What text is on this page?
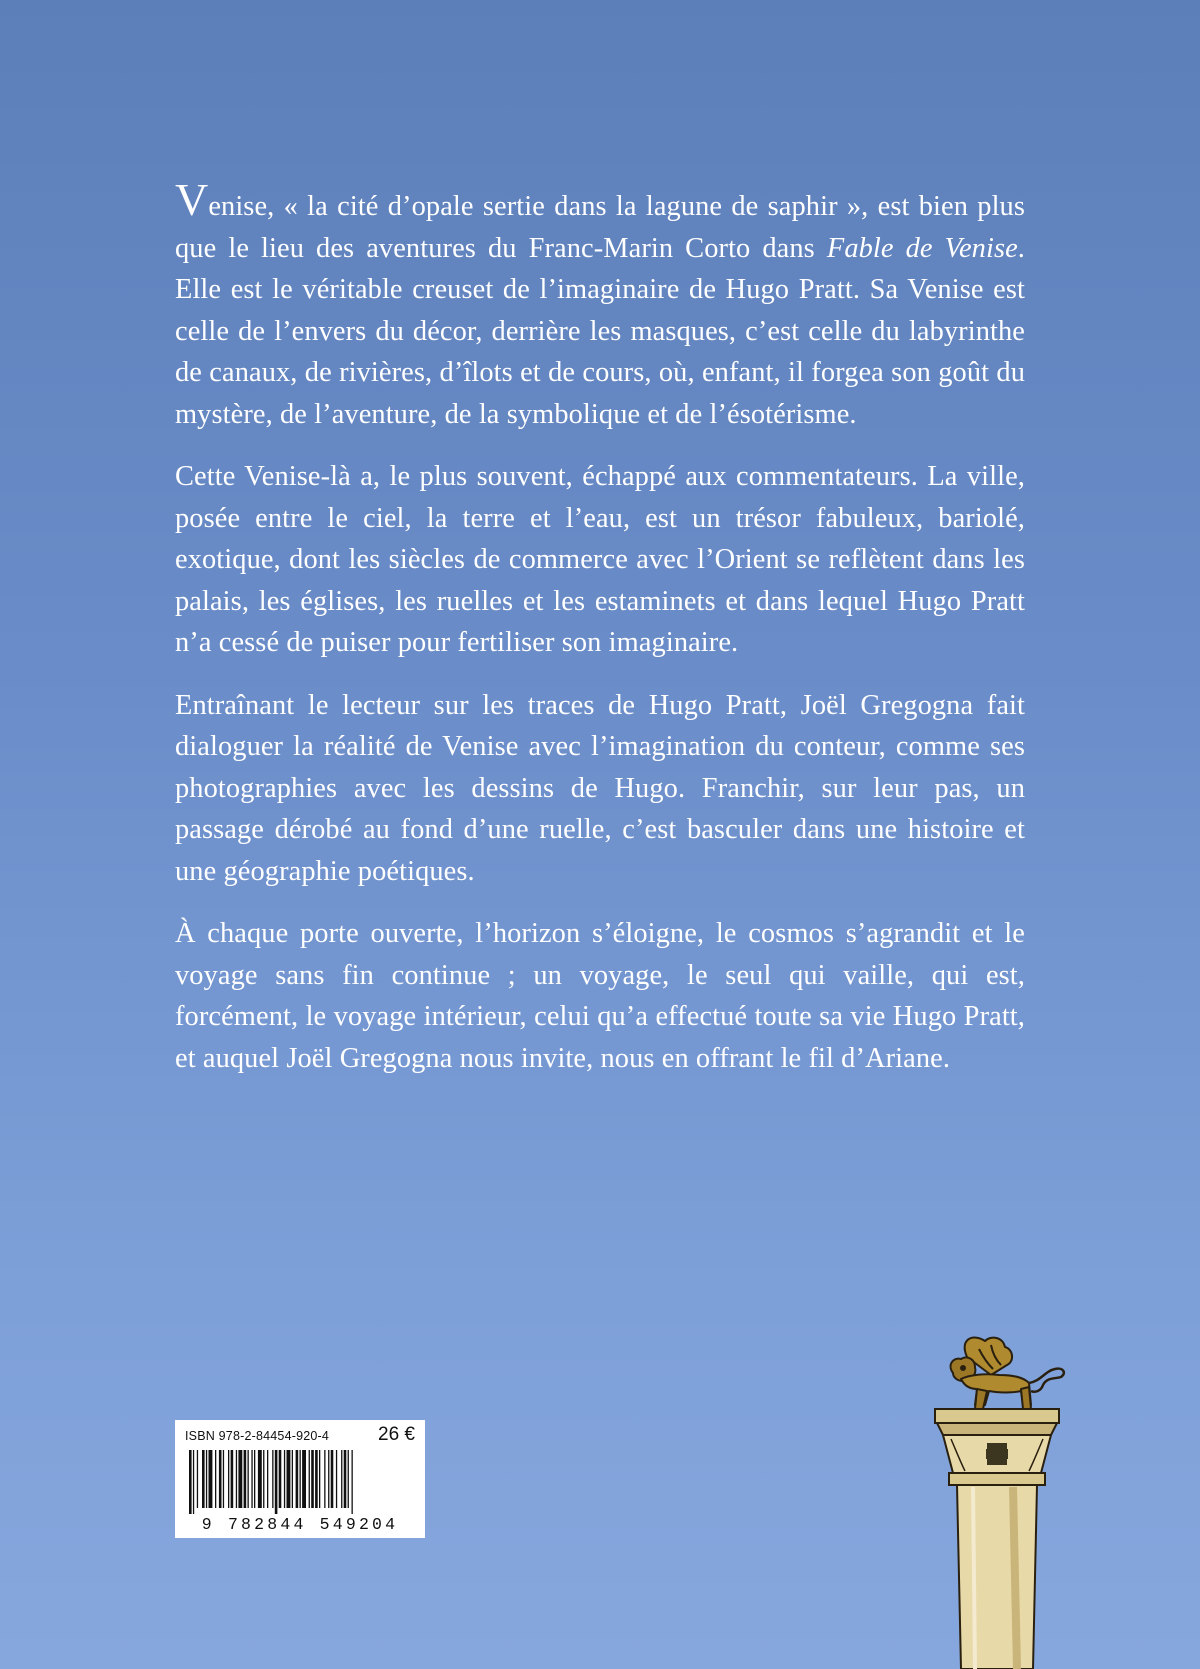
Venise, « la cité d’opale sertie dans la lagune de saphir », est bien plus que le lieu des aventures du Franc-Marin Corto dans Fable de Venise. Elle est le véritable creuset de l’imaginaire de Hugo Pratt. Sa Venise est celle de l’envers du décor, derrière les masques, c’est celle du labyrinthe de canaux, de rivières, d’îlots et de cours, où, enfant, il forgea son goût du mystère, de l’aventure, de la symbolique et de l’ésotérisme.

Cette Venise-là a, le plus souvent, échappé aux commentateurs. La ville, posée entre le ciel, la terre et l’eau, est un trésor fabuleux, bariolé, exotique, dont les siècles de commerce avec l’Orient se reflètent dans les palais, les églises, les ruelles et les estaminets et dans lequel Hugo Pratt n’a cessé de puiser pour fertiliser son imaginaire.

Entraînant le lecteur sur les traces de Hugo Pratt, Joël Gregogna fait dialoguer la réalité de Venise avec l’imagination du conteur, comme ses photographies avec les dessins de Hugo. Franchir, sur leur pas, un passage dérobé au fond d’une ruelle, c’est basculer dans une histoire et une géographie poétiques.

À chaque porte ouverte, l’horizon s’éloigne, le cosmos s’agrandit et le voyage sans fin continue ; un voyage, le seul qui vaille, qui est, forcément, le voyage intérieur, celui qu’a effectué toute sa vie Hugo Pratt, et auquel Joël Gregogna nous invite, nous en offrant le fil d’Ariane.

ISBN 978-2-84454-920-4	26 €
9 782844 549204
